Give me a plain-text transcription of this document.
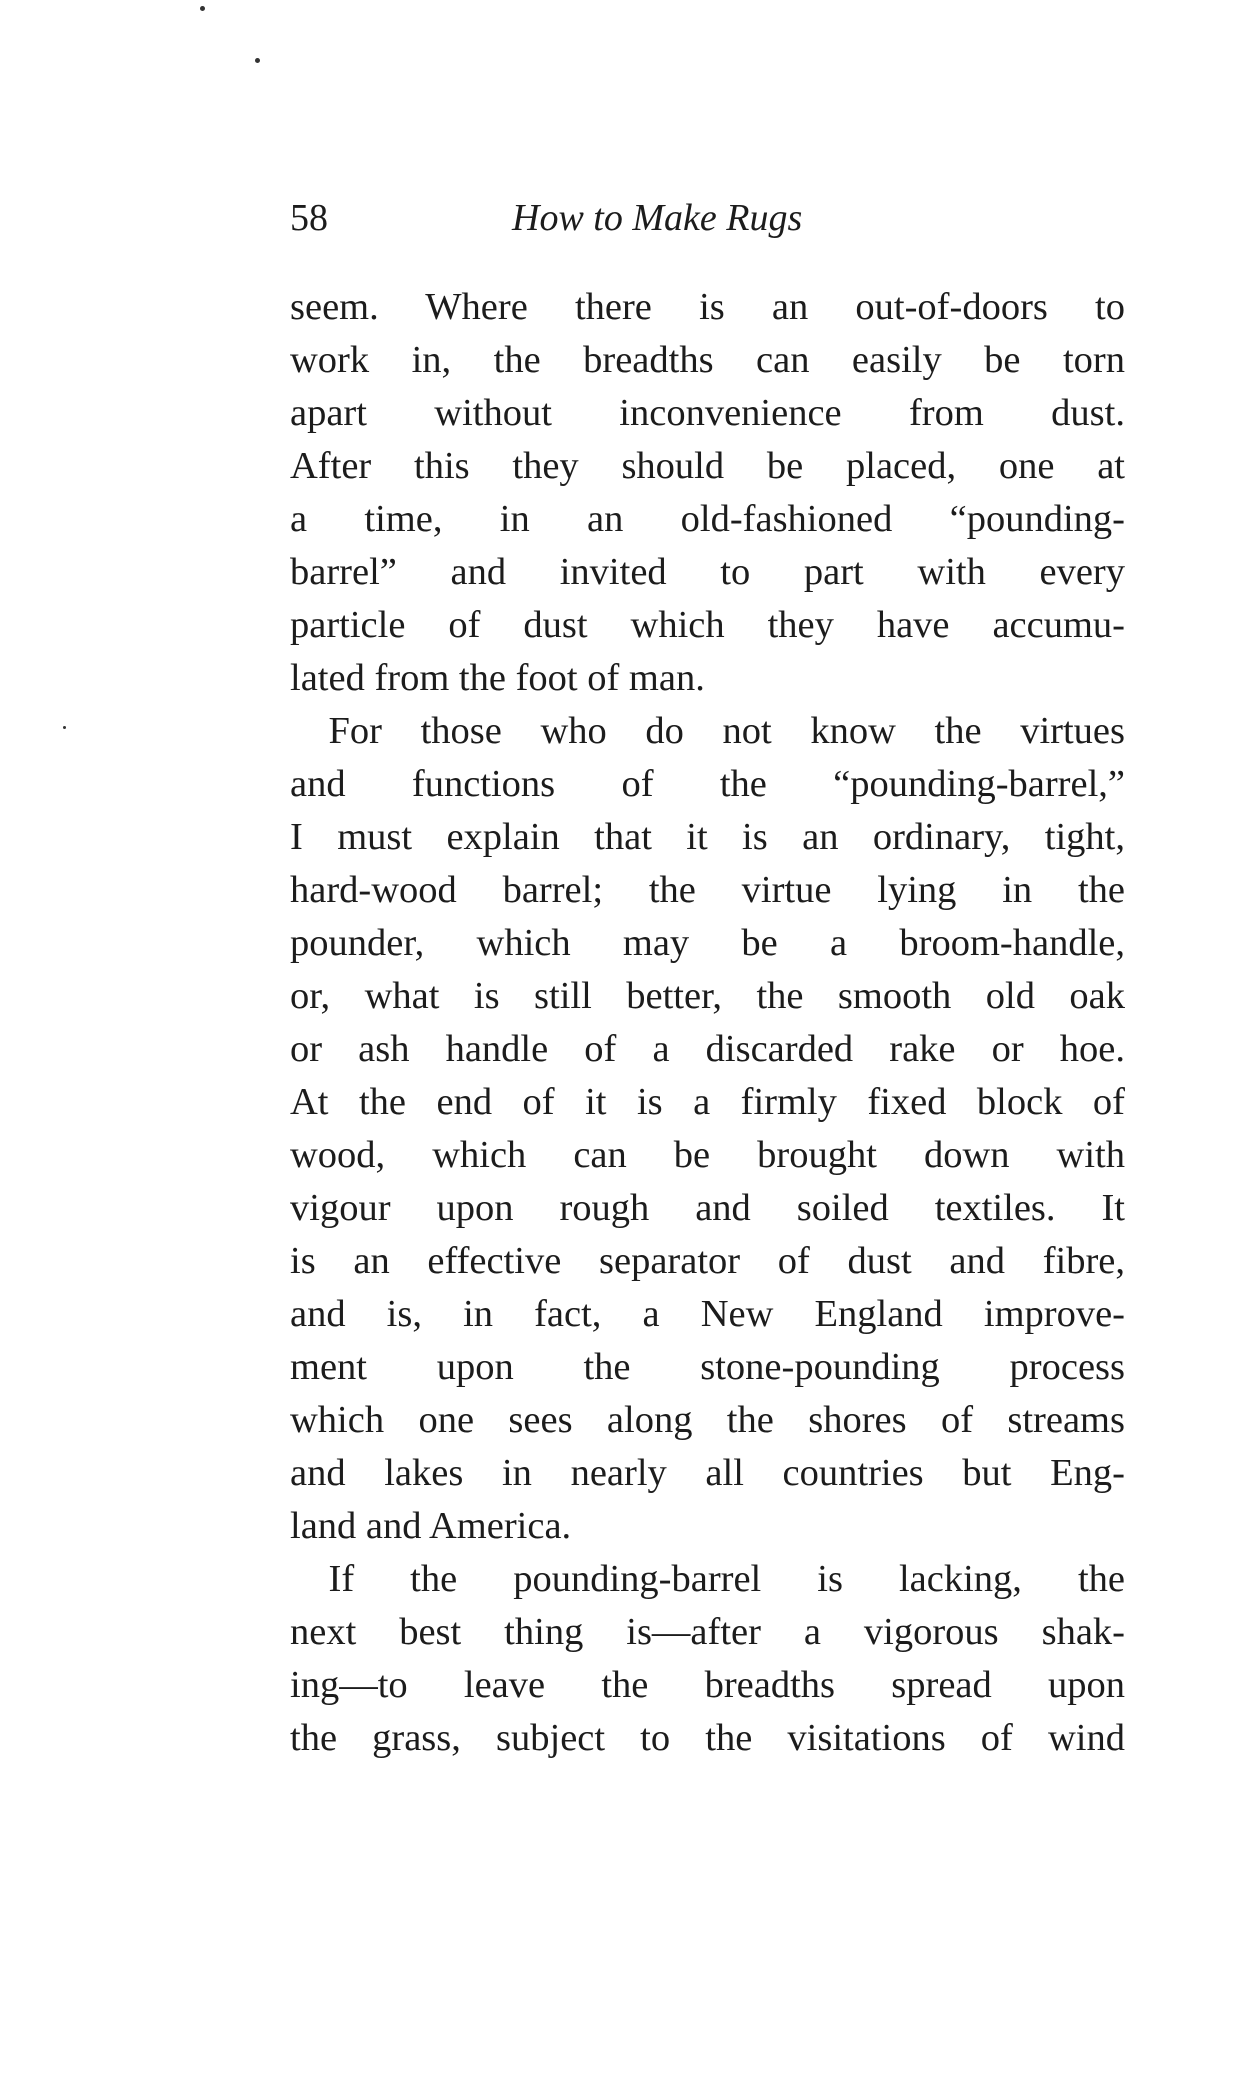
58	How to Make Rugs
seem. Where there is an out-of-doors to
work in, the breadths can easily be torn
apart without inconvenience from dust.
After this they should be placed, one at
a time, in an old-fashioned “pounding-
barrel” and invited to part with every
particle of dust which they have accumu-
lated from the foot of man.
 For those who do not know the virtues
and functions of the “pounding-barrel,”
I must explain that it is an ordinary, tight,
hard-wood barrel; the virtue lying in the
pounder, which may be a broom-handle,
or, what is still better, the smooth old oak
or ash handle of a discarded rake or hoe.
At the end of it is a firmly fixed block of
wood, which can be brought down with
vigour upon rough and soiled textiles. It
is an effective separator of dust and fibre,
and is, in fact, a New England improve-
ment upon the stone-pounding process
which one sees along the shores of streams
and lakes in nearly all countries but Eng-
land and America.
 If the pounding-barrel is lacking, the
next best thing is—after a vigorous shak-
ing—to leave the breadths spread upon
the grass, subject to the visitations of wind
